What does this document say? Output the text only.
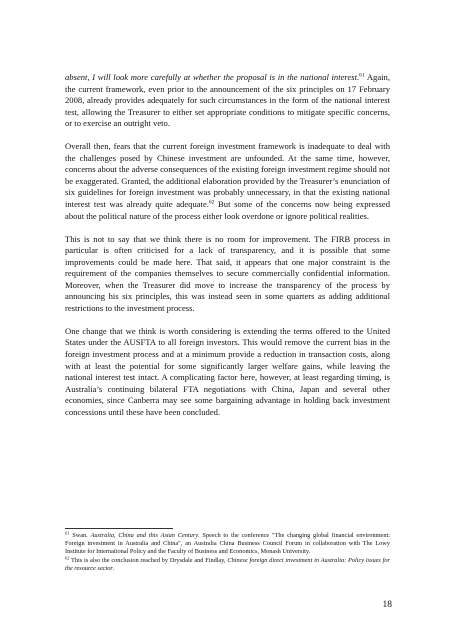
absent, I will look more carefully at whether the proposal is in the national interest.$^{61}$ Again, the current framework, even prior to the announcement of the six principles on 17 February 2008, already provides adequately for such circumstances in the form of the national interest test, allowing the Treasurer to either set appropriate conditions to mitigate specific concerns, or to exercise an outright veto.

Overall then, fears that the current foreign investment framework is inadequate to deal with the challenges posed by Chinese investment are unfounded. At the same time, however, concerns about the adverse consequences of the existing foreign investment regime should not be exaggerated. Granted, the additional elaboration provided by the Treasurer’s enunciation of six guidelines for foreign investment was probably unnecessary, in that the existing national interest test was already quite adequate.$^{62}$ But some of the concerns now being expressed about the political nature of the process either look overdone or ignore political realities.

This is not to say that we think there is no room for improvement. The FIRB process in particular is often criticised for a lack of transparency, and it is possible that some improvements could be made here. That said, it appears that one major constraint is the requirement of the companies themselves to secure commercially confidential information. Moreover, when the Treasurer did move to increase the transparency of the process by announcing his six principles, this was instead seen in some quarters as adding additional restrictions to the investment process.

One change that we think is worth considering is extending the terms offered to the United States under the AUSFTA to all foreign investors. This would remove the current bias in the foreign investment process and at a minimum provide a reduction in transaction costs, along with at least the potential for some significantly larger welfare gains, while leaving the national interest test intact. A complicating factor here, however, at least regarding timing, is Australia’s continuing bilateral FTA negotiations with China, Japan and several other economies, since Canberra may see some bargaining advantage in holding back investment concessions until these have been concluded.

$^{61}$ Swan. Australia, China and this Asian Century. Speech to the conference "The changing global financial environment: Foreign investment in Australia and China", an Australia China Business Council Forum in collaboration with The Lowy Institute for International Policy and the Faculty of Business and Economics, Monash University.

$^{62}$ This is also the conclusion reached by Drysdale and Findlay, Chinese foreign direct investment in Australia: Policy issues for the resource sector.

18
